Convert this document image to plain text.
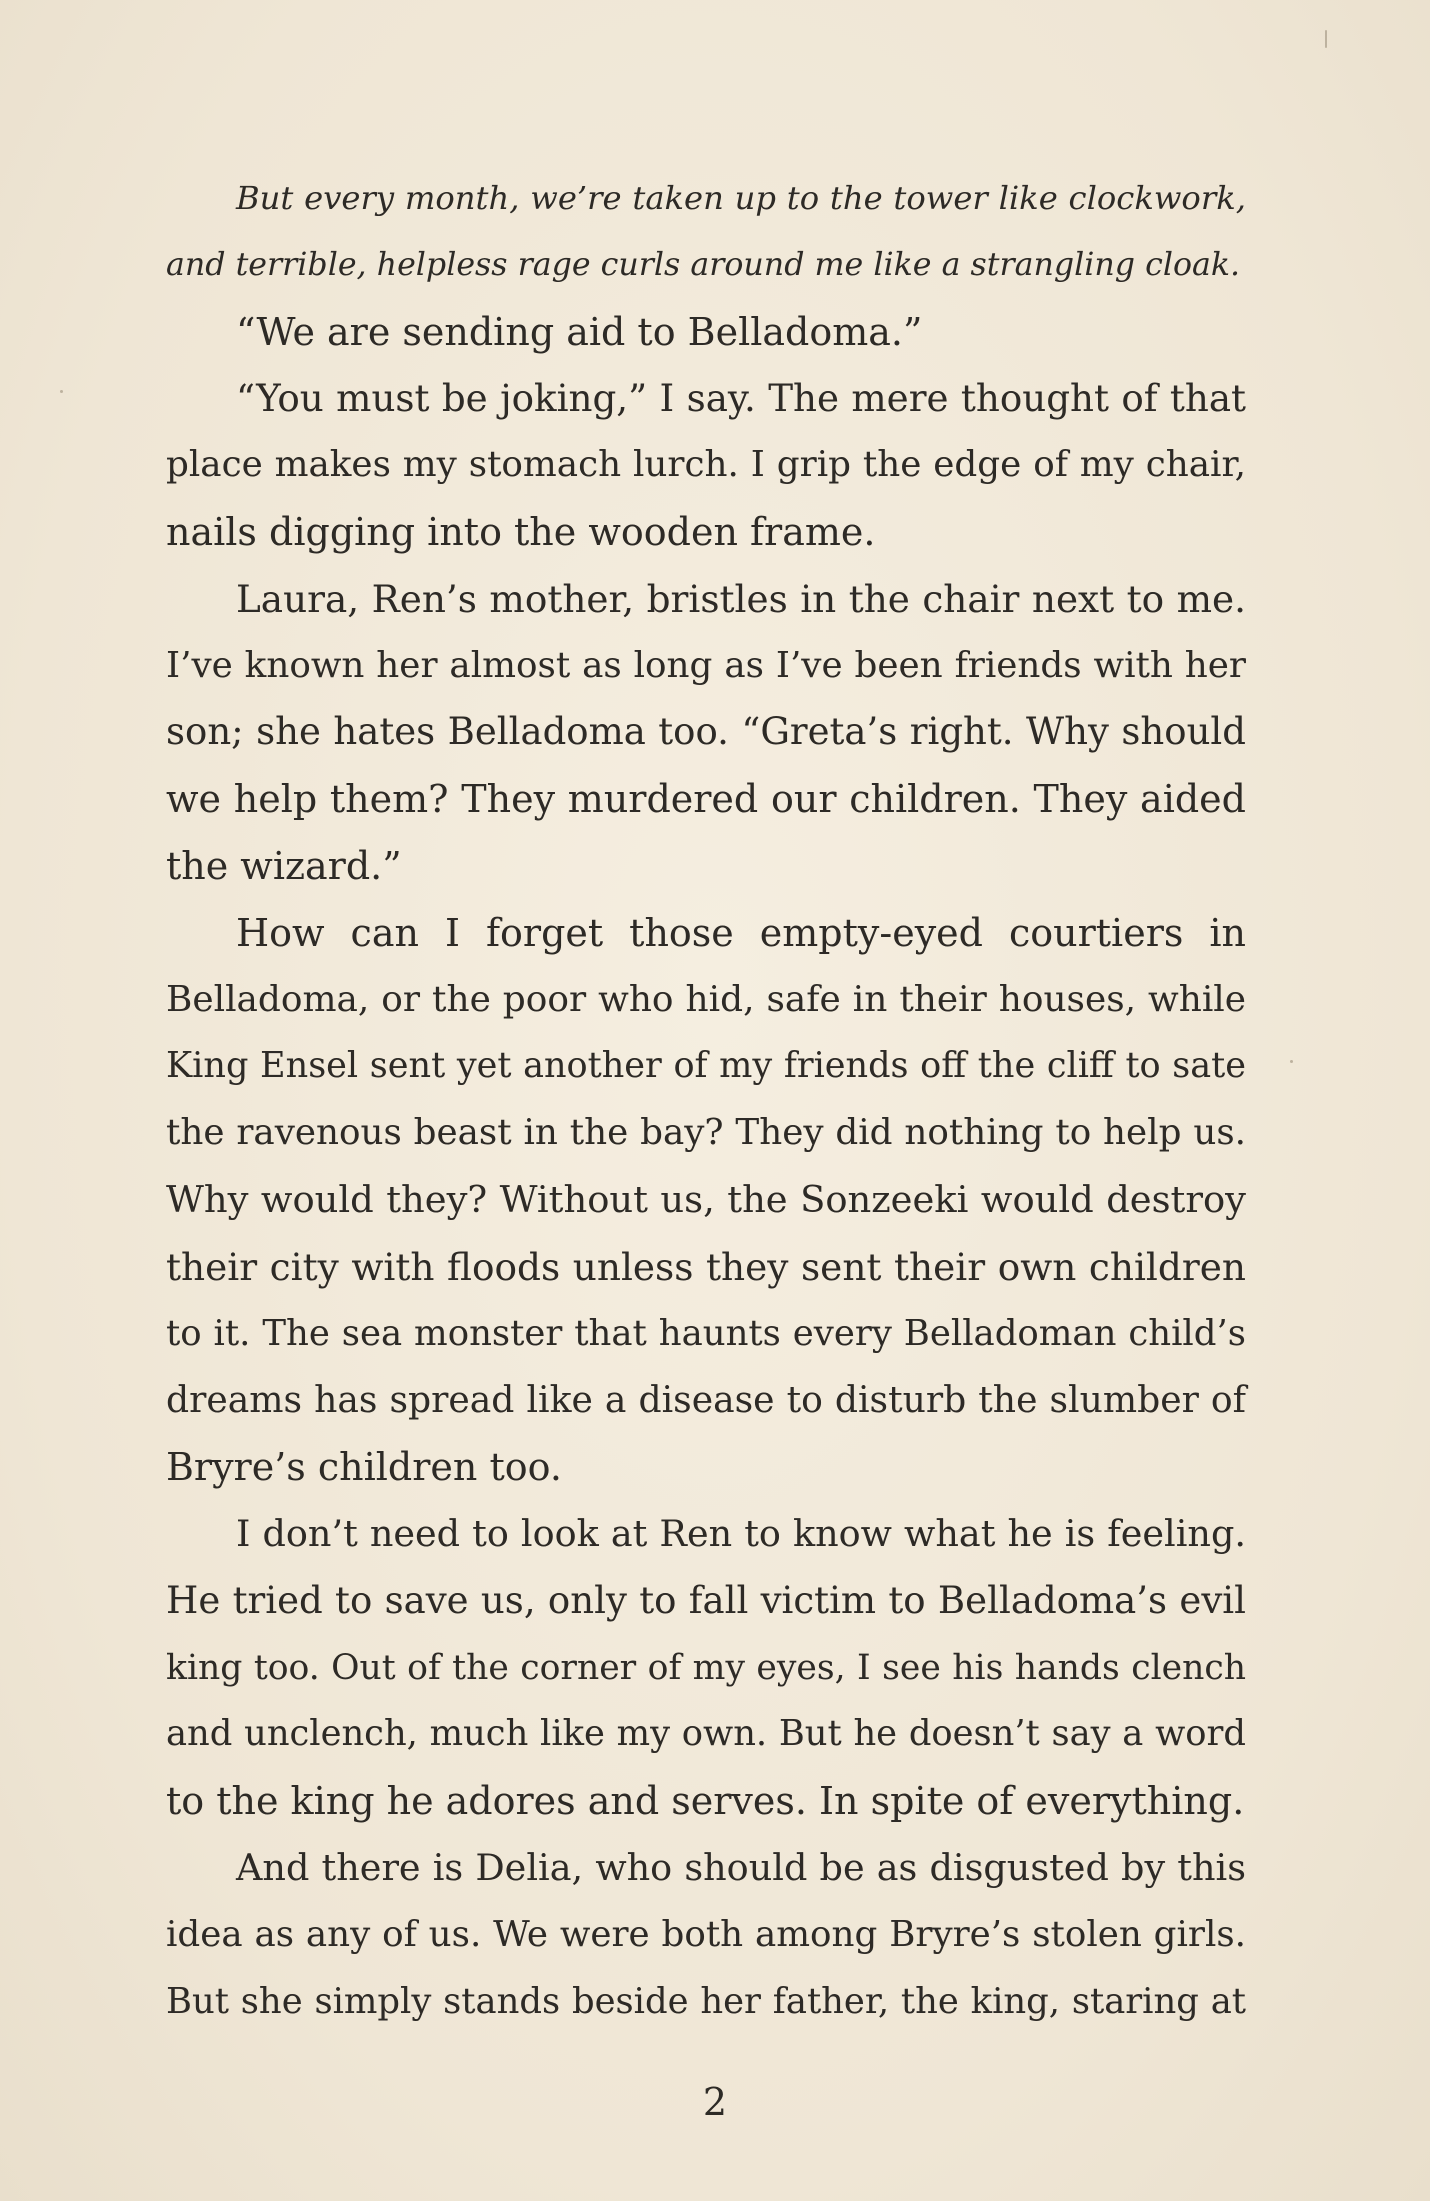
But every month, we’re taken up to the tower like clockwork,
and terrible, helpless rage curls around me like a strangling cloak.
“We are sending aid to Belladoma.”
“You must be joking,” I say. The mere thought of that
place makes my stomach lurch. I grip the edge of my chair,
nails digging into the wooden frame.
Laura, Ren’s mother, bristles in the chair next to me.
I’ve known her almost as long as I’ve been friends with her
son; she hates Belladoma too. “Greta’s right. Why should
we help them? They murdered our children. They aided
the wizard.”
How can I forget those empty-eyed courtiers in
Belladoma, or the poor who hid, safe in their houses, while
King Ensel sent yet another of my friends off the cliff to sate
the ravenous beast in the bay? They did nothing to help us.
Why would they? Without us, the Sonzeeki would destroy
their city with floods unless they sent their own children
to it. The sea monster that haunts every Belladoman child’s
dreams has spread like a disease to disturb the slumber of
Bryre’s children too.
I don’t need to look at Ren to know what he is feeling.
He tried to save us, only to fall victim to Belladoma’s evil
king too. Out of the corner of my eyes, I see his hands clench
and unclench, much like my own. But he doesn’t say a word
to the king he adores and serves. In spite of everything.
And there is Delia, who should be as disgusted by this
idea as any of us. We were both among Bryre’s stolen girls.
But she simply stands beside her father, the king, staring at
2
